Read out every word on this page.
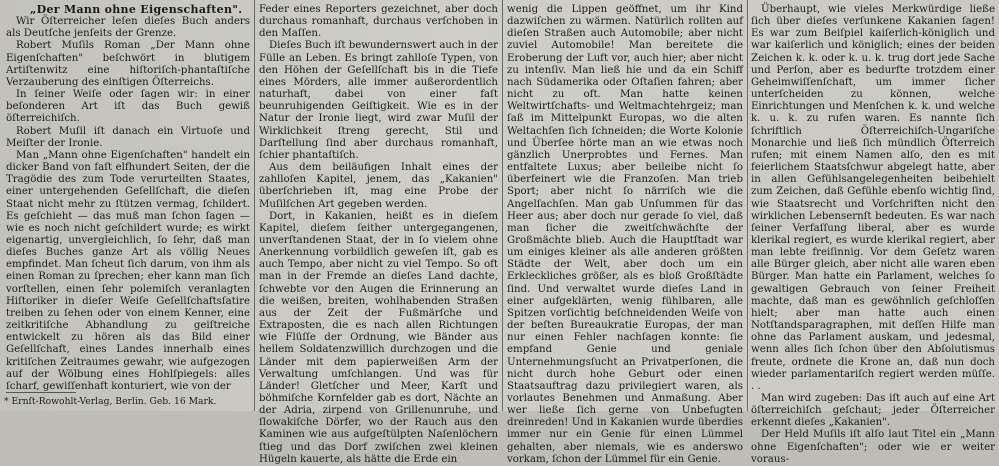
„Der Mann ohne Eigenschaften".

Wir Öſterreicher leſen dieſes Buch anders als Deutſche jenſeits der Grenze.

Robert Muſils Roman „Der Mann ohne Eigenſchaften" beſchwört in blutigem Artiſtenwitz eine hiſtoriſch-phantaſtiſche Verzauberung des einſtigen Öſterreichs.

In ſeiner Weiſe oder ſagen wir: in einer beſonderen Art iſt das Buch gewiß öſterreichiſch.

Robert Muſil iſt danach ein Virtuoſe und Meiſter der Ironie.

Man „Mann ohne Eigenſchaften" handelt ein dicker Band von faſt elfhundert Seiten, der die Tragödie des zum Tode verurteilten Staates, einer untergehenden Geſellſchaft, die dieſen Staat nicht mehr zu ſtützen vermag, ſchildert. Es geſchieht — das muß man ſchon ſagen — wie es noch nicht geſchildert wurde; es wirkt eigenartig, unvergleichlich, ſo ſehr, daß man dieſes Buches ganze Art als völlig Neues empfindet. Man ſcheut ſich darum, von ihm als einen Roman zu ſprechen; eher kann man ſich vorſtellen, einen ſehr polemiſch veranlagten Hiſtoriker in dieſer Weiſe Geſellſchaftsſatire treiben zu ſehen oder von einem Kenner, eine zeitkritiſche Abhandlung zu geiſtreiche entwickelt zu hören als das Bild einer Geſellſchaft, eines Landes innerhalb eines kritiſchen Zeitraumes gewahr, wie aufgezogen auf der Wölbung eines Hohlſpiegels: alles ſcharf, gewiſſenhaft konturiert, wie von der

* Ernſt-Rowohlt-Verlag, Berlin. Geb. 16 Mark.

Feder eines Reporters gezeichnet, aber doch durchaus romanhaft, durchaus verſchoben in den Maſſen.

Dieſes Buch iſt bewundernswert auch in der Fülle an Leben. Es bringt zahlloſe Typen, von den Höhen der Geſellſchaft bis in die Tiefe eines Mörders, alle immer außerordentlich naturhaft, dabei von einer faſt beunruhigenden Geiſtigkeit. Wie es in der Natur der Ironie liegt, wird zwar Muſil der Wirklichkeit ſtreng gerecht, Stil und Darſtellung ſind aber durchaus romanhaft, ſchier phantaſtiſch.

Aus dem beiläufigen Inhalt eines der zahlloſen Kapitel, jenem, das „Kakanien" überſchrieben iſt, mag eine Probe der Muſilſchen Art gegeben werden.

Dort, in Kakanien, heißt es in dieſem Kapitel, dieſem ſeither untergegangenen, unverſtandenen Staat, der in ſo vielem ohne Anerkennung vorbildlich geweſen iſt, gab es auch Tempo, aber nicht zu viel Tempo. So oft man in der Fremde an dieſes Land dachte, ſchwebte vor den Augen die Erinnerung an die weißen, breiten, wohlhabenden Straßen aus der Zeit der Fußmärſche und Extraposten, die es nach allen Richtungen wie Flüſſe der Ordnung, wie Bänder aus hellem Soldatenzwillich durchzogen und die Länder mit dem papierweißen Arm der Verwaltung umſchlangen. Und was für Länder! Gletſcher und Meer, Karſt und böhmiſche Kornfelder gab es dort, Nächte an der Adria, zirpend von Grillenunruhe, und ſlowakiſche Dörfer, wo der Rauch aus den Kaminen wie aus aufgeſtülpten Naſenlöchern ſtieg und das Dorf zwiſchen zwei kleinen Hügeln kauerte, als hätte die Erde ein

wenig die Lippen geöffnet, um ihr Kind dazwiſchen zu wärmen. Natürlich rollten auf dieſen Straßen auch Automobile; aber nicht zuviel Automobile! Man bereitete die Eroberung der Luft vor, auch hier; aber nicht zu intenſiv. Man ließ hie und da ein Schiff nach Südamerika oder Oſtaſien fahren; aber nicht zu oft. Man hatte keinen Weltwirtſchafts- und Weltmachtehrgeiz; man ſaß im Mittelpunkt Europas, wo die alten Weltachſen ſich ſchneiden; die Worte Kolonie und Überſee hörte man an wie etwas noch gänzlich Unerprobtes und Fernes. Man entfaltete Luxus; aber beileibe nicht ſo überfeinert wie die Franzoſen. Man trieb Sport; aber nicht ſo närriſch wie die Angelſachſen. Man gab Unſummen für das Heer aus; aber doch nur gerade ſo viel, daß man ſicher die zweitſchwächſte der Großmächte blieb. Auch die Hauptſtadt war um einiges kleiner als alle anderen größten Städte der Welt, aber doch um ein Erkleckliches größer, als es bloß Großſtädte ſind. Und verwaltet wurde dieſes Land in einer aufgeklärten, wenig fühlbaren, alle Spitzen vorſichtig beſchneidenden Weiſe von der beſten Bureaukratie Europas, der man nur einen Fehler nachſagen konnte: ſie empfand Genie und geniale Unternehmungsſucht an Privatperſonen, die nicht durch hohe Geburt oder einen Staatsauftrag dazu privilegiert waren, als vorlautes Benehmen und Anmaßung. Aber wer ließe ſich gerne von Unbefugten dreinreden! Und in Kakanien wurde überdies immer nur ein Genie für einen Lümmel gehalten, aber niemals, wie es anderswo vorkam, ſchon der Lümmel für ein Genie.

Überhaupt, wie vieles Merkwürdige ließe ſich über dieſes verſunkene Kakanien ſagen! Es war zum Beiſpiel kaiſerlich-königlich und war kaiſerlich und königlich; eines der beiden Zeichen k. k. oder k. u. k. trug dort jede Sache und Perſon, aber es bedurfte trotzdem einer Geheimwiſſenſchaft, um immer ſicher unterſcheiden zu können, welche Einrichtungen und Menſchen k. k. und welche k. u. k. zu rufen waren. Es nannte ſich ſchriftlich Öſterreichiſch-Ungariſche Monarchie und ließ ſich mündlich Öſterreich rufen; mit einem Namen alſo, den es mit feierlichem Staatsſchwur abgelegt hatte, aber in allen Gefühlsangelegenheiten beibehielt zum Zeichen, daß Gefühle ebenſo wichtig ſind, wie Staatsrecht und Vorſchriften nicht den wirklichen Lebensernſt bedeuten. Es war nach ſeiner Verfaſſung liberal, aber es wurde klerikal regiert, es wurde klerikal regiert, aber man lebte freiſinnig. Vor dem Geſetz waren alle Bürger gleich, aber nicht alle waren eben Bürger. Man hatte ein Parlament, welches ſo gewaltigen Gebrauch von ſeiner Freiheit machte, daß man es gewöhnlich geſchloſſen hielt; aber man hatte auch einen Notſtandsparagraphen, mit deſſen Hilfe man ohne das Parlament auskam, und jedesmal, wenn alles ſich ſchon über den Abſolutismus freute, ordnete die Krone an, daß nun doch wieder parlamentariſch regiert werden müſſe. . .

Man wird zugeben: Das iſt auch auf eine Art öſterreichiſch geſchaut; jeder Öſterreicher erkennt dieſes „Kakanien".

Der Held Muſils iſt alſo laut Titel ein „Mann ohne Eigenſchaften"; oder wie er weiter voraus-
